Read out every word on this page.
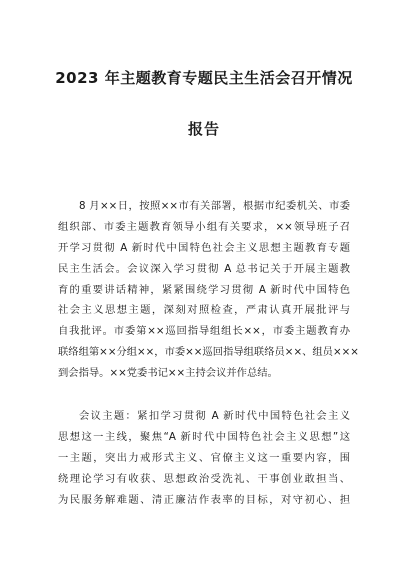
2023 年主题教育专题民主生活会召开情况
报告
8 月××日，按照××市有关部署，根据市纪委机关、市委
组织部、市委主题教育领导小组有关要求，××领导班子召
开学习贯彻 A 新时代中国特色社会主义思想主题教育专题
民主生活会。会议深入学习贯彻 A 总书记关于开展主题教
育的重要讲话精神，紧紧围绕学习贯彻 A 新时代中国特色
社会主义思想主题，深刻对照检查，严肃认真开展批评与
自我批评。市委第××巡回指导组组长××，市委主题教育办
联络组第××分组××，市委××巡回指导组联络员××、组员×××
到会指导。××党委书记××主持会议并作总结。
会议主题：紧扣学习贯彻 A 新时代中国特色社会主义
思想这一主线，聚焦“A 新时代中国特色社会主义思想”这
一主题，突出力戒形式主义、官僚主义这一重要内容，围
绕理论学习有收获、思想政治受洗礼、干事创业敢担当、
为民服务解难题、清正廉洁作表率的目标，对守初心、担
